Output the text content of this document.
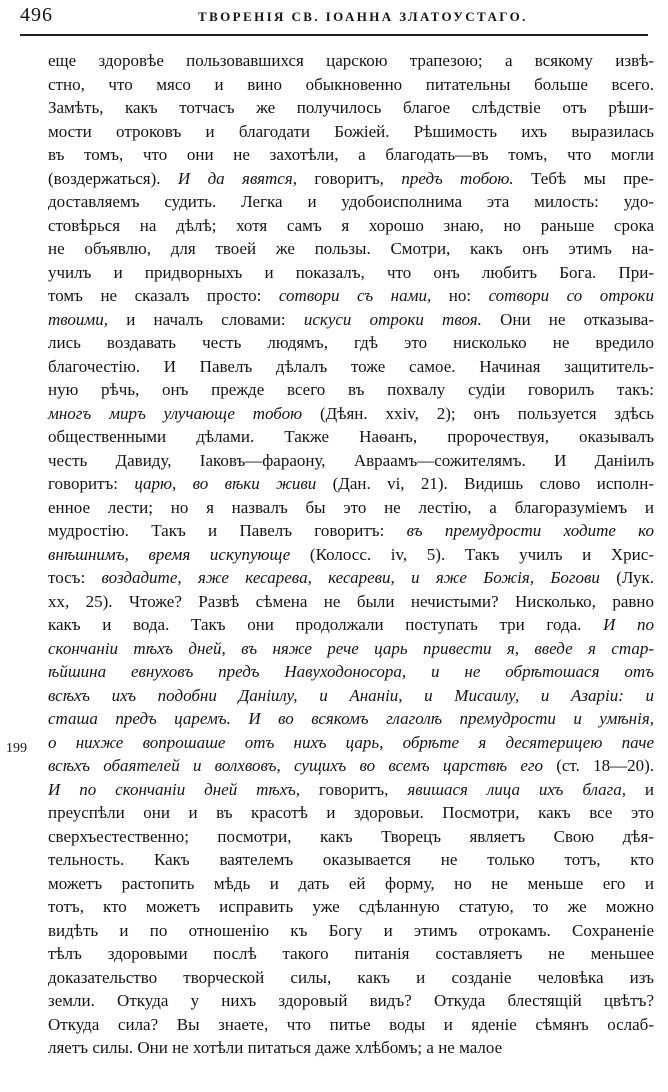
496	ТВОРЕНІЯ СВ. ІОАННА ЗЛАТОУСТАГО.
199
еще здоровѣе пользовавшихся царскою трапезою; а всякому извѣ-
стно, что мясо и вино обыкновенно питательны больше всего.
Замѣть, какъ тотчасъ же получилось благое слѣдствіе отъ рѣши-
мости отроковъ и благодати Божіей. Рѣшимость ихъ выразилась
въ томъ, что они не захотѣли, а благодать—въ томъ, что могли
(воздержаться). И да явятся, говоритъ, предъ тобою. Тебѣ мы пре-
доставляемъ судить. Легка и удобоисполнима эта милость: удо-
стовѣрься на дѣлѣ; хотя самъ я хорошо знаю, но раньше срока
не объявлю, для твоей же пользы. Смотри, какъ онъ этимъ на-
училъ и придворныхъ и показалъ, что онъ любитъ Бога. При-
томъ не сказалъ просто: сотвори съ нами, но: сотвори со отроки
твоими, и началъ словами: искуси отроки твоя. Они не отказыва-
лись воздавать честь людямъ, гдѣ это нисколько не вредило
благочестію. И Павелъ дѣлалъ тоже самое. Начиная защититель-
ную рѣчь, онъ прежде всего въ похвалу судіи говорилъ такъ:
многъ миръ улучающе тобою (Дѣян. ххіv, 2); онъ пользуется здѣсь
общественными дѣлами. Также Наѳанъ, пророчествуя, оказывалъ
честь Давиду, Іаковъ—фараону, Авраамъ—сожителямъ. И Даніилъ
говоритъ: царю, во вѣки живи (Дан. vі, 21). Видишь слово исполн-
енное лести; но я назвалъ бы это не лестію, а благоразуміемъ и
мудростію. Такъ и Павелъ говоритъ: въ премудрости ходите ко
внѣшнимъ, время искупующе (Колосс. іv, 5). Такъ училъ и Хрис-
тосъ: воздадите, яже кесарева, кесареви, и яже Божія, Богови (Лук.
хх, 25). Чтоже? Развѣ сѣмена не были нечистыми? Нисколько, равно
какъ и вода. Такъ они продолжали поступать три года. И по
скончаніи тѣхъ дней, въ няже рече царь привести я, введе я стар-
ѣйшина евнуховъ предъ Навуходоносора, и не обрѣтошася отъ
всѣхъ ихъ подобни Даніилу, и Ананіи, и Мисаилу, и Азаріи: и
сташа предъ царемъ. И во всякомъ глаголѣ премудрости и умѣнія,
о нихже вопрошаше отъ нихъ царь, обрѣте я десятерицею паче
всѣхъ обаятелей и волхвовъ, сущихъ во всемъ царствѣ его (ст. 18—20).
И по скончаніи дней тѣхъ, говоритъ, явишася лица ихъ блага, и
преуспѣли они и въ красотѣ и здоровьи. Посмотри, какъ все это
сверхъестественно; посмотри, какъ Творецъ являетъ Свою дѣя-
тельность. Какъ ваятелемъ оказывается не только тотъ, кто
можетъ растопить мѣдь и дать ей форму, но не меньше его и
тотъ, кто можетъ исправить уже сдѣланную статую, то же можно
видѣть и по отношенію къ Богу и этимъ отрокамъ. Сохраненіе
тѣлъ здоровыми послѣ такого питанія составляетъ не меньшее
доказательство творческой силы, какъ и созданіе человѣка изъ
земли. Откуда у нихъ здоровый видъ? Откуда блестящій цвѣтъ?
Откуда сила? Вы знаете, что питье воды и яденіе сѣмянъ ослаб-
ляетъ силы. Они не хотѣли питаться даже хлѣбомъ; а не малое
